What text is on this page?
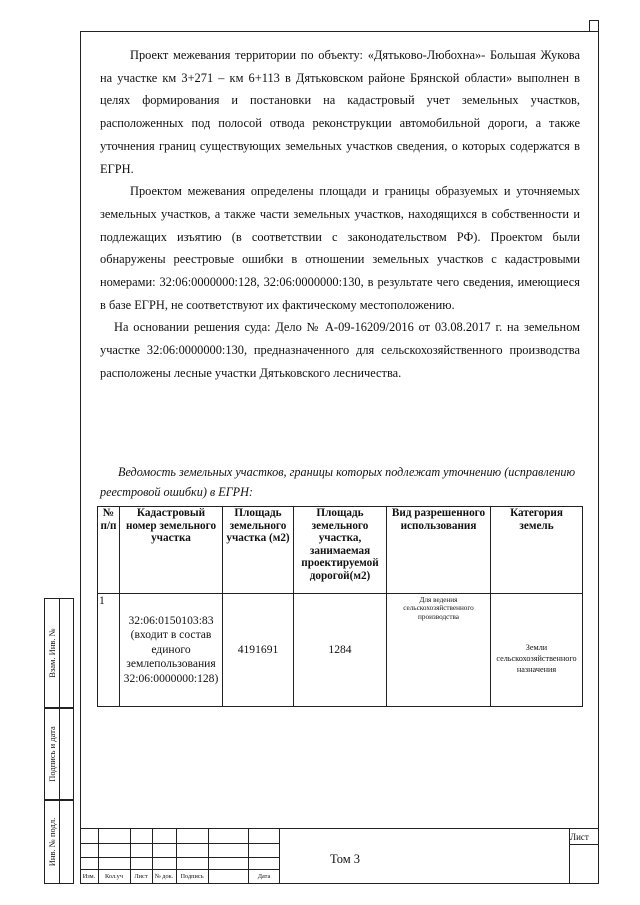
Проект межевания территории по объекту: «Дятьково-Любохна»- Большая Жукова на участке км 3+271 – км 6+113 в Дятьковском районе Брянской области» выполнен в целях формирования и постановки на кадастровый учет земельных участков, расположенных под полосой отвода реконструкции автомобильной дороги, а также уточнения границ существующих земельных участков сведения, о которых содержатся в ЕГРН.

Проектом межевания определены площади и границы образуемых и уточняемых земельных участков, а также части земельных участков, находящихся в собственности и подлежащих изъятию (в соответствии с законодательством РФ). Проектом были обнаружены реестровые ошибки в отношении земельных участков с кадастровыми номерами: 32:06:0000000:128, 32:06:0000000:130, в результате чего сведения, имеющиеся в базе ЕГРН, не соответствуют их фактическому местоположению.

На основании решения суда: Дело № А-09-16209/2016 от 03.08.2017 г. на земельном участке 32:06:0000000:130, предназначенного для сельскохозяйственного производства расположены лесные участки Дятьковского лесничества.

Ведомость земельных участков, границы которых подлежат уточнению (исправлению реестровой ошибки) в ЕГРН:
№ п/п	Кадастровый номер земельного участка	Площадь земельного участка (м2)	Площадь земельного участка, занимаемая проектируемой дорогой(м2)	Вид разрешенного использования	Категория земель
1	32:06:0150103:83 (входит в состав единого землепользования 32:06:0000000:128)	4191691	1284	Для ведения сельскохозяйственного производства	Земли сельскохозяйственного назначения
Взам. Инв. №
Подпись и дата
Инв. № подл.
Изм.	Кол.уч	Лист	№ док.	Подпись	Дата
Том 3
Лист
